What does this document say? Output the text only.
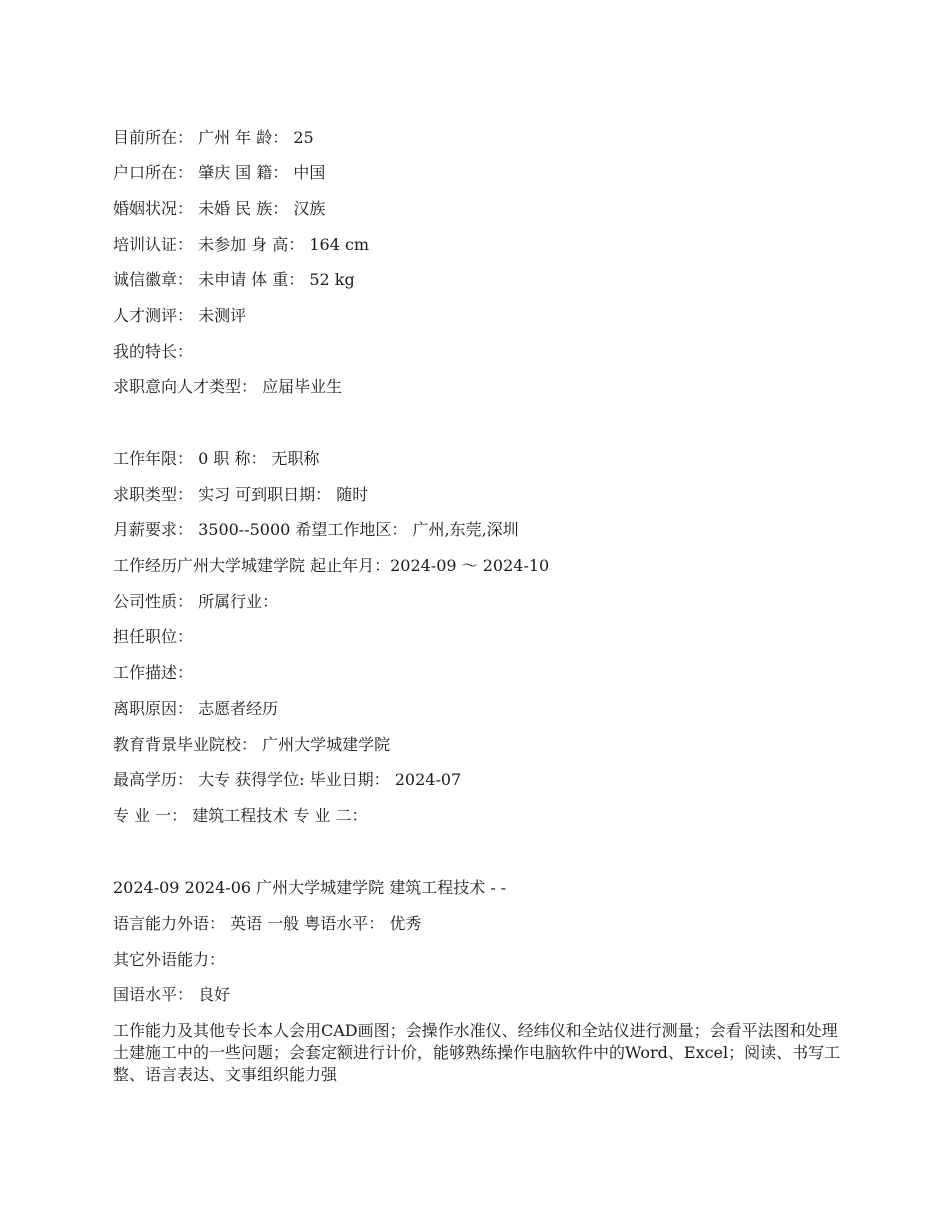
目前所在： 广州 年 龄： 25
户口所在： 肇庆 国 籍： 中国
婚姻状况： 未婚 民 族： 汉族
培训认证： 未参加 身 高： 164 cm
诚信徽章： 未申请 体 重： 52 kg
人才测评： 未测评
我的特长：
求职意向人才类型： 应届毕业生
工作年限： 0 职 称： 无职称
求职类型： 实习 可到职日期： 随时
月薪要求： 3500--5000 希望工作地区： 广州,东莞,深圳
工作经历广州大学城建学院 起止年月：2024-09 ～ 2024-10
公司性质： 所属行业：
担任职位：
工作描述：
离职原因： 志愿者经历
教育背景毕业院校： 广州大学城建学院
最高学历： 大专 获得学位: 毕业日期： 2024-07
专 业 一： 建筑工程技术 专 业 二：
2024-09 2024-06 广州大学城建学院 建筑工程技术 - -
语言能力外语： 英语 一般 粤语水平： 优秀
其它外语能力：
国语水平： 良好
工作能力及其他专长本人会用CAD画图；会操作水准仪、经纬仪和全站仪进行测量；会看平法图和处理土建施工中的一些问题；会套定额进行计价，能够熟练操作电脑软件中的Word、Excel；阅读、书写工整、语言表达、文事组织能力强
